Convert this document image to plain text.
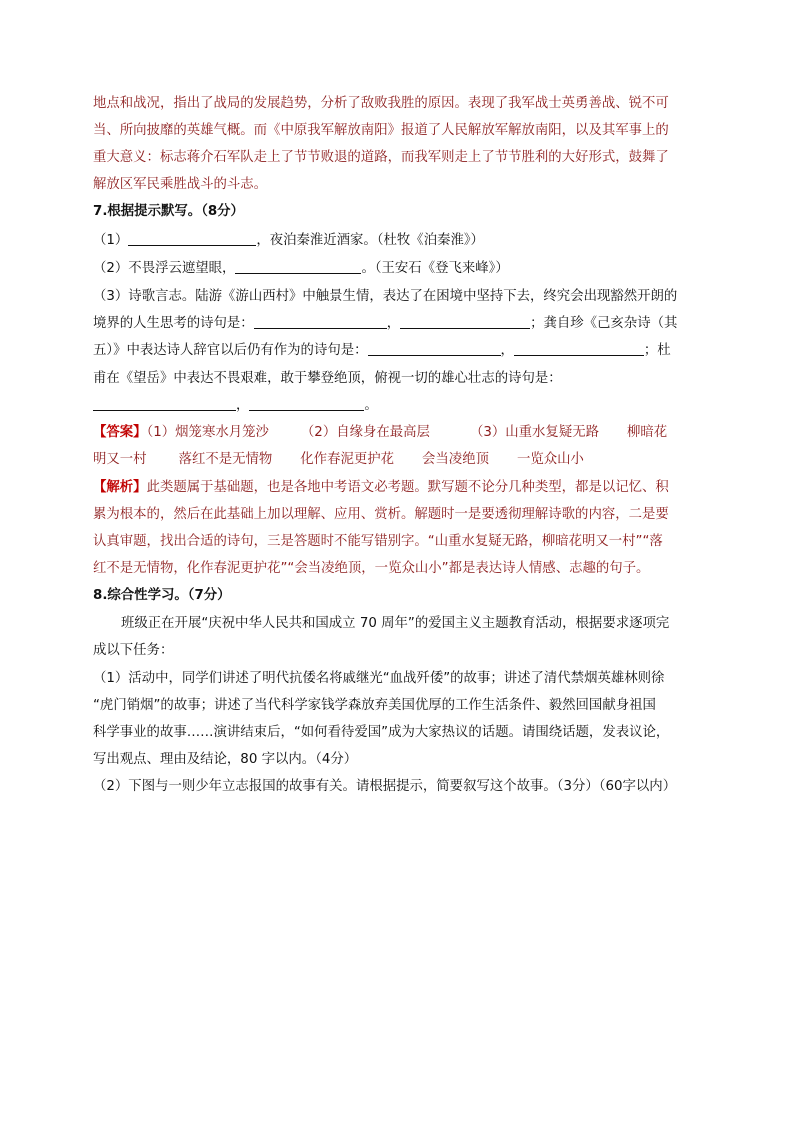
地点和战况，指出了战局的发展趋势，分析了敌败我胜的原因。表现了我军战士英勇善战、锐不可
当、所向披靡的英雄气概。而《中原我军解放南阳》报道了人民解放军解放南阳，以及其军事上的
重大意义：标志蒋介石军队走上了节节败退的道路，而我军则走上了节节胜利的大好形式，鼓舞了
解放区军民乘胜战斗的斗志。
7.根据提示默写。（8分）
（1）	，夜泊秦淮近酒家。（杜牧《泊秦淮》）
（2）不畏浮云遮望眼，	。（王安石《登飞来峰》）
（3）诗歌言志。陆游《游山西村》中触景生情，表达了在困境中坚持下去，终究会出现豁然开朗的
境界的人生思考的诗句是：	，	；龚自珍《己亥杂诗（其
五）》中表达诗人辞官以后仍有作为的诗句是：	，	；杜
甫在《望岳》中表达不畏艰难，敢于攀登绝顶，俯视一切的雄心壮志的诗句是：
，	。
【答案】（1）烟笼寒水月笼沙 （2）自缘身在最高层	（3）山重水复疑无路 柳暗花
明又一村 落红不是无情物 化作春泥更护花 会当凌绝顶 一览众山小
【解析】此类题属于基础题，也是各地中考语文必考题。默写题不论分几种类型，都是以记忆、积
累为根本的，然后在此基础上加以理解、应用、赏析。解题时一是要透彻理解诗歌的内容，二是要
认真审题，找出合适的诗句，三是答题时不能写错别字。“山重水复疑无路，柳暗花明又一村”“落
红不是无情物，化作春泥更护花”“会当凌绝顶，一览众山小”都是表达诗人情感、志趣的句子。
8.综合性学习。（7分）
班级正在开展“庆祝中华人民共和国成立 70 周年”的爱国主义主题教育活动，根据要求逐项完
成以下任务：
（1）活动中，同学们讲述了明代抗倭名将戚继光“血战歼倭”的故事；讲述了清代禁烟英雄林则徐
“虎门销烟”的故事；讲述了当代科学家钱学森放弃美国优厚的工作生活条件、毅然回国献身祖国
科学事业的故事……演讲结束后，“如何看待爱国”成为大家热议的话题。请围绕话题，发表议论，
写出观点、理由及结论，80 字以内。（4分）
（2）下图与一则少年立志报国的故事有关。请根据提示，简要叙写这个故事。（3分）（60字以内）
